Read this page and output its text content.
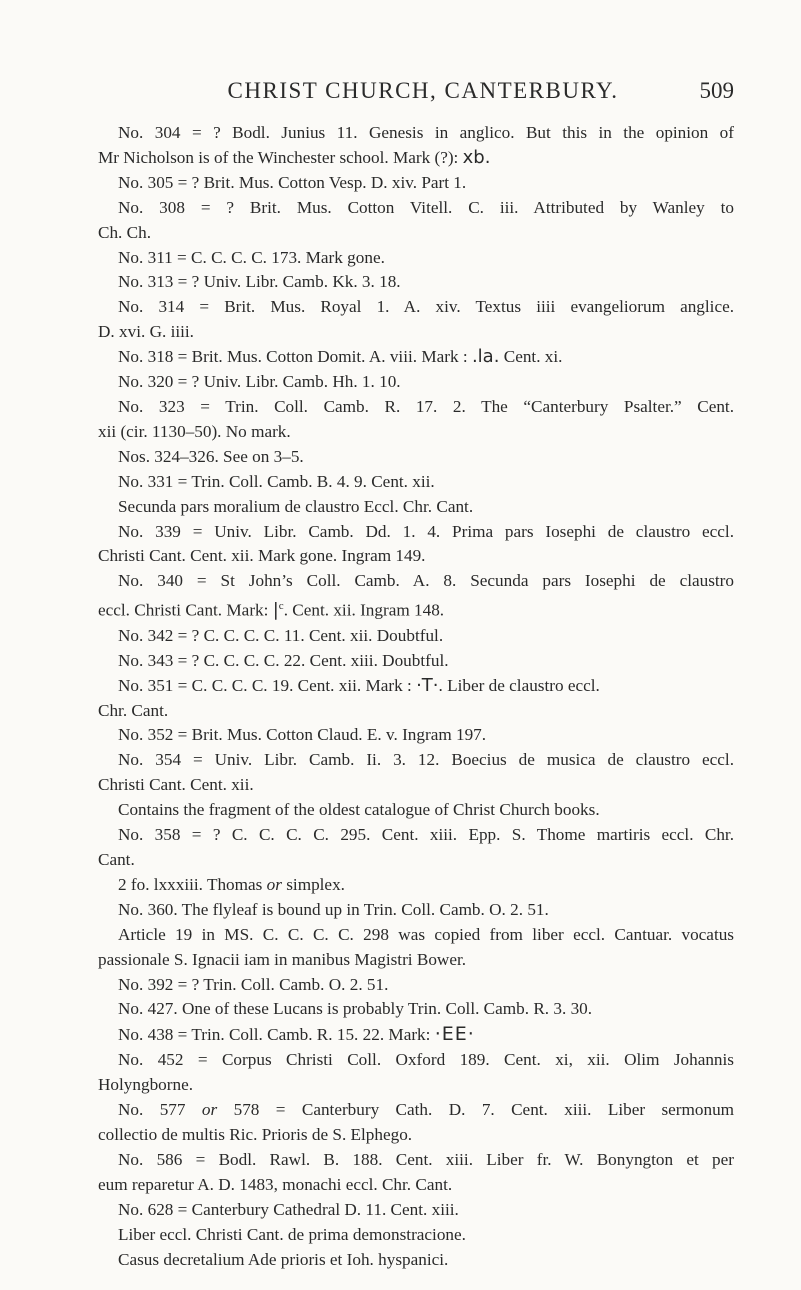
CHRIST CHURCH, CANTERBURY.	509
No. 304 = ? Bodl. Junius 11. Genesis in anglico. But this in the opinion of
Mr Nicholson is of the Winchester school. Mark (?): xb.
No. 305 = ? Brit. Mus. Cotton Vesp. D. xiv. Part 1.
No. 308 = ? Brit. Mus. Cotton Vitell. C. iii. Attributed by Wanley to
Ch. Ch.
No. 311 = C. C. C. C. 173. Mark gone.
No. 313 = ? Univ. Libr. Camb. Kk. 3. 18.
No. 314 = Brit. Mus. Royal 1. A. xiv. Textus iiii evangeliorum anglice.
D. xvi. G. iiii.
No. 318 = Brit. Mus. Cotton Domit. A. viii. Mark : .la. Cent. xi.
No. 320 = ? Univ. Libr. Camb. Hh. 1. 10.
No. 323 = Trin. Coll. Camb. R. 17. 2. The “Canterbury Psalter.” Cent.
xii (cir. 1130–50). No mark.
Nos. 324–326. See on 3–5.
No. 331 = Trin. Coll. Camb. B. 4. 9. Cent. xii.
Secunda pars moralium de claustro Eccl. Chr. Cant.
No. 339 = Univ. Libr. Camb. Dd. 1. 4. Prima pars Iosephi de claustro eccl.
Christi Cant. Cent. xii. Mark gone. Ingram 149.
No. 340 = St John’s Coll. Camb. A. 8. Secunda pars Iosephi de claustro
eccl. Christi Cant. Mark: $|^c$. Cent. xii. Ingram 148.
No. 342 = ? C. C. C. C. 11. Cent. xii. Doubtful.
No. 343 = ? C. C. C. C. 22. Cent. xiii. Doubtful.
No. 351 = C. C. C. C. 19. Cent. xii. Mark : ·T·. Liber de claustro eccl.
Chr. Cant.
No. 352 = Brit. Mus. Cotton Claud. E. v. Ingram 197.
No. 354 = Univ. Libr. Camb. Ii. 3. 12. Boecius de musica de claustro eccl.
Christi Cant. Cent. xii.
Contains the fragment of the oldest catalogue of Christ Church books.
No. 358 = ? C. C. C. C. 295. Cent. xiii. Epp. S. Thome martiris eccl. Chr.
Cant.
2 fo. lxxxiii. Thomas or simplex.
No. 360. The flyleaf is bound up in Trin. Coll. Camb. O. 2. 51.
Article 19 in MS. C. C. C. C. 298 was copied from liber eccl. Cantuar. vocatus
passionale S. Ignacii iam in manibus Magistri Bower.
No. 392 = ? Trin. Coll. Camb. O. 2. 51.
No. 427. One of these Lucans is probably Trin. Coll. Camb. R. 3. 30.
No. 438 = Trin. Coll. Camb. R. 15. 22. Mark: ·EE·
No. 452 = Corpus Christi Coll. Oxford 189. Cent. xi, xii. Olim Johannis
Holyngborne.
No. 577 or 578 = Canterbury Cath. D. 7. Cent. xiii. Liber sermonum
collectio de multis Ric. Prioris de S. Elphego.
No. 586 = Bodl. Rawl. B. 188. Cent. xiii. Liber fr. W. Bonyngton et per
eum reparetur A. D. 1483, monachi eccl. Chr. Cant.
No. 628 = Canterbury Cathedral D. 11. Cent. xiii.
Liber eccl. Christi Cant. de prima demonstracione.
Casus decretalium Ade prioris et Ioh. hyspanici.
